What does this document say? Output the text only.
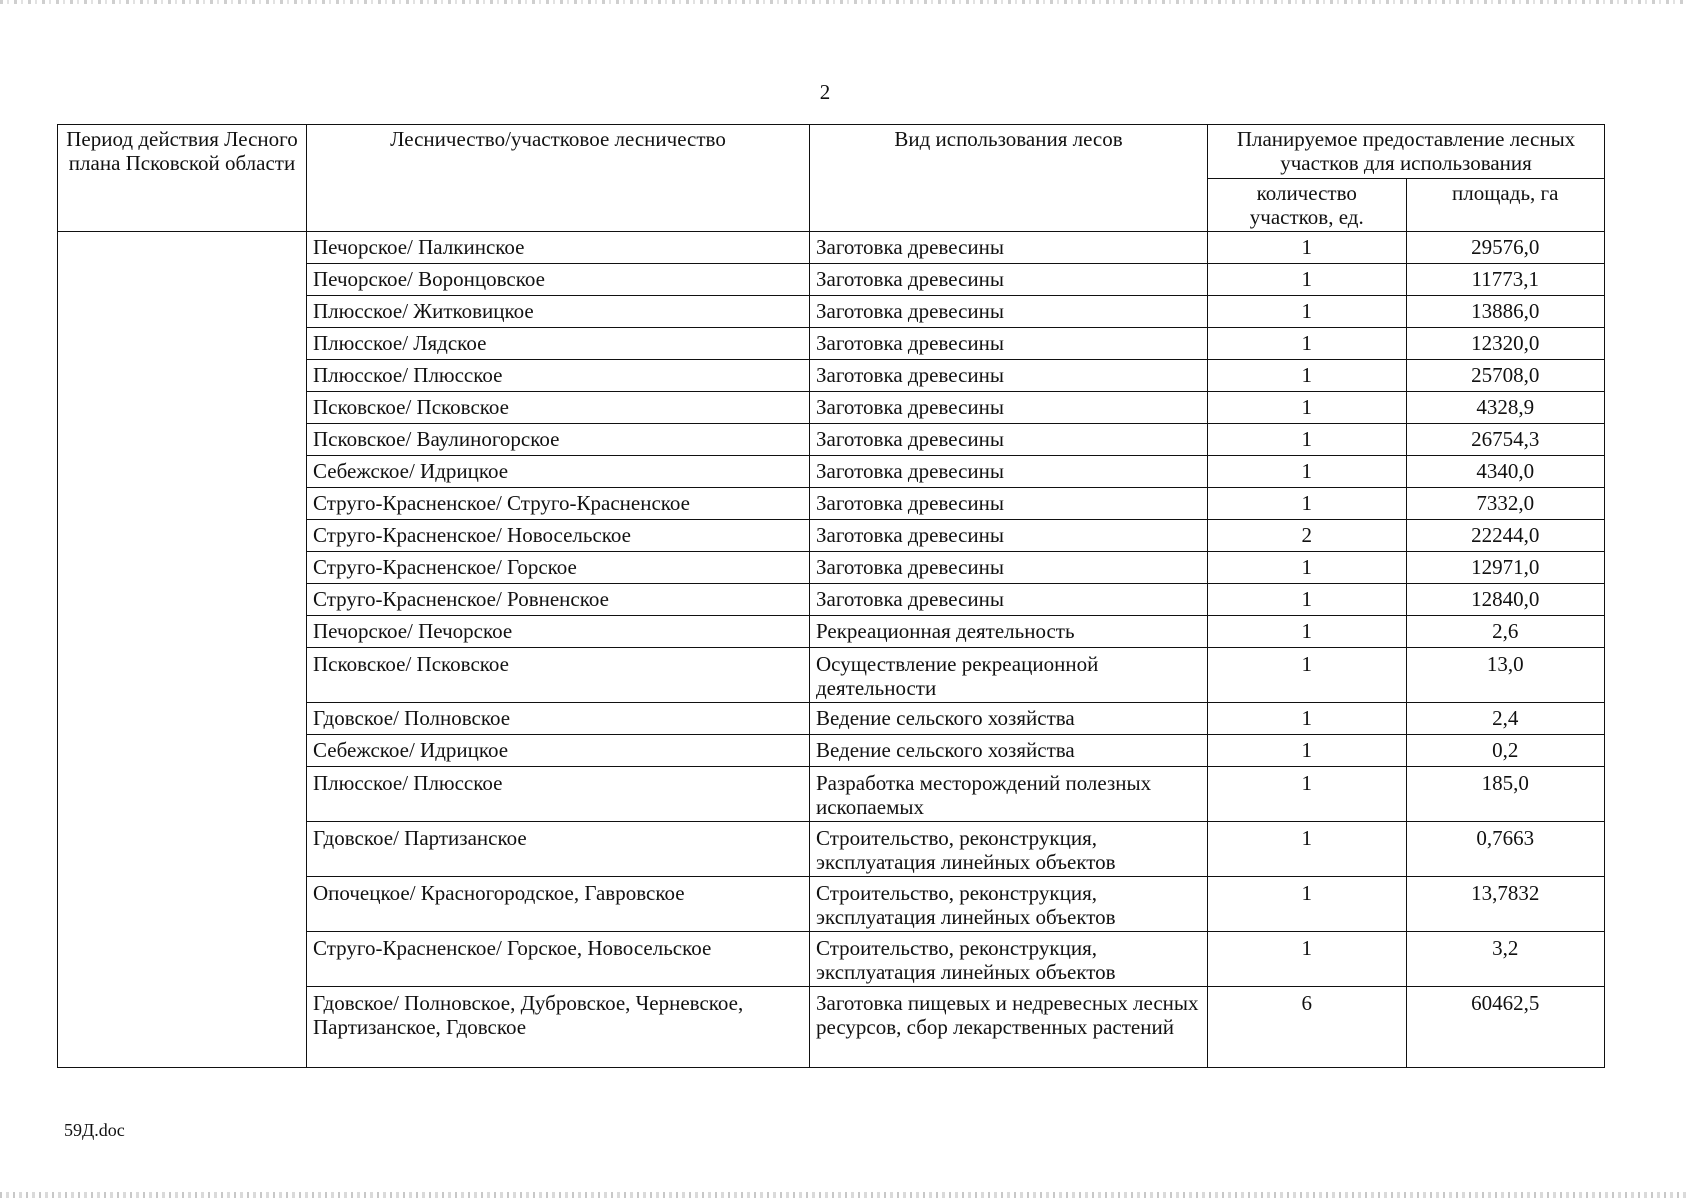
2
Период действия Лесного плана Псковской области	Лесничество/участковое лесничество	Вид использования лесов	Планируемое предоставление лесных участков для использования	
			количество участков, ед.	площадь, га
	Печорское/ Палкинское	Заготовка древесины	1	29576,0
	Печорское/ Воронцовское	Заготовка древесины	1	11773,1
	Плюсское/ Житковицкое	Заготовка древесины	1	13886,0
	Плюсское/ Лядское	Заготовка древесины	1	12320,0
	Плюсское/ Плюсское	Заготовка древесины	1	25708,0
	Псковское/ Псковское	Заготовка древесины	1	4328,9
	Псковское/ Ваулиногорское	Заготовка древесины	1	26754,3
	Себежское/ Идрицкое	Заготовка древесины	1	4340,0
	Струго-Красненское/ Струго-Красненское	Заготовка древесины	1	7332,0
	Струго-Красненское/ Новосельское	Заготовка древесины	2	22244,0
	Струго-Красненское/ Горское	Заготовка древесины	1	12971,0
	Струго-Красненское/ Ровненское	Заготовка древесины	1	12840,0
	Печорское/ Печорское	Рекреационная деятельность	1	2,6
	Псковское/ Псковское	Осуществление рекреационной деятельности	1	13,0
	Гдовское/ Полновское	Ведение сельского хозяйства	1	2,4
	Себежское/ Идрицкое	Ведение сельского хозяйства	1	0,2
	Плюсское/ Плюсское	Разработка месторождений полезных ископаемых	1	185,0
	Гдовское/ Партизанское	Строительство, реконструкция, эксплуатация линейных объектов	1	0,7663
	Опочецкое/ Красногородское, Гавровское	Строительство, реконструкция, эксплуатация линейных объектов	1	13,7832
	Струго-Красненское/ Горское, Новосельское	Строительство, реконструкция, эксплуатация линейных объектов	1	3,2
	Гдовское/ Полновское, Дубровское, Черневское, Партизанское, Гдовское	Заготовка пищевых и недревесных лесных ресурсов, сбор лекарственных растений	6	60462,5
59Д.doc
